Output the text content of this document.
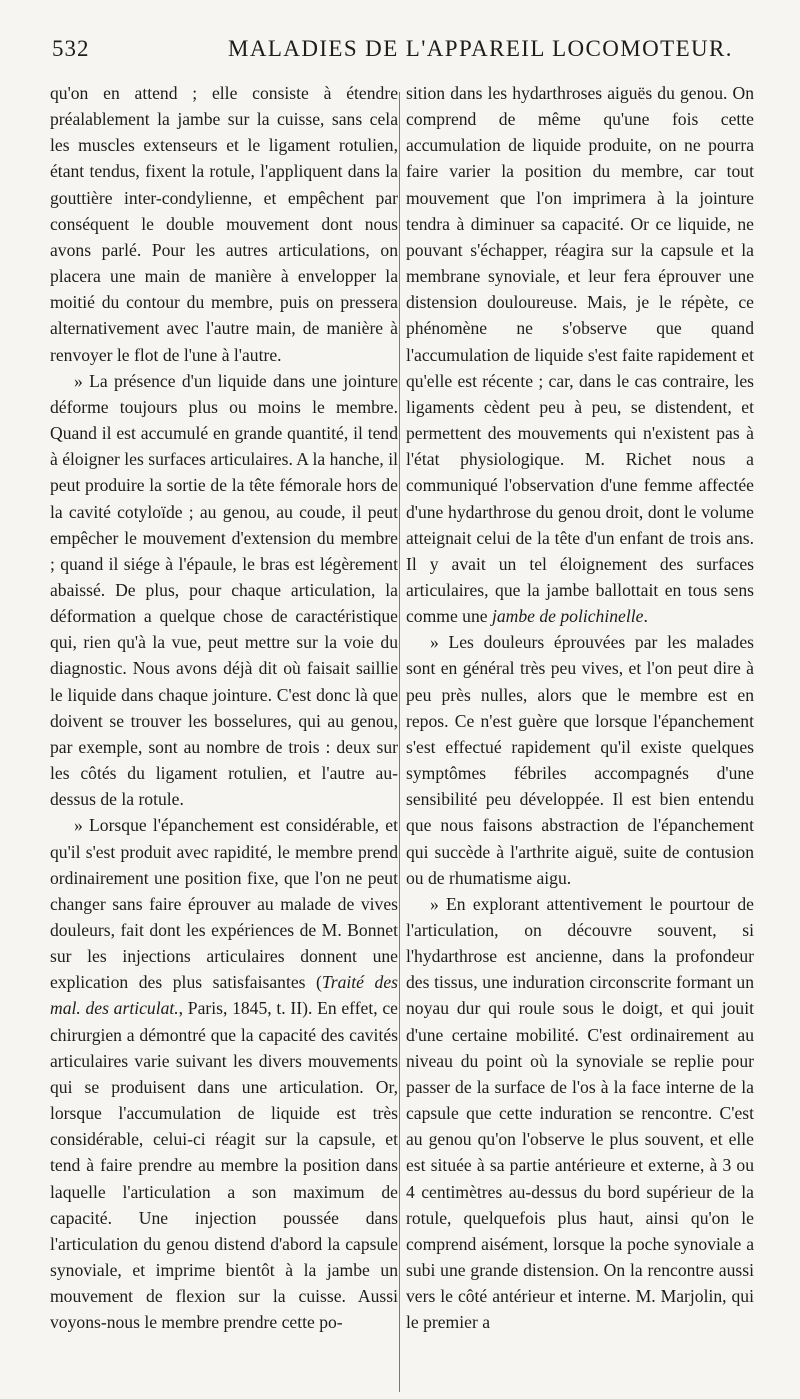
532	MALADIES DE L'APPAREIL LOCOMOTEUR.

qu'on en attend ; elle consiste à étendre préalablement la jambe sur la cuisse, sans cela les muscles extenseurs et le ligament rotulien, étant tendus, fixent la rotule, l'appliquent dans la gouttière inter-condylienne, et empêchent par conséquent le double mouvement dont nous avons parlé. Pour les autres articulations, on placera une main de manière à envelopper la moitié du contour du membre, puis on pressera alternativement avec l'autre main, de manière à renvoyer le flot de l'une à l'autre.

» La présence d'un liquide dans une jointure déforme toujours plus ou moins le membre. Quand il est accumulé en grande quantité, il tend à éloigner les surfaces articulaires. A la hanche, il peut produire la sortie de la tête fémorale hors de la cavité cotyloïde ; au genou, au coude, il peut empêcher le mouvement d'extension du membre ; quand il siége à l'épaule, le bras est légèrement abaissé. De plus, pour chaque articulation, la déformation a quelque chose de caractéristique qui, rien qu'à la vue, peut mettre sur la voie du diagnostic. Nous avons déjà dit où faisait saillie le liquide dans chaque jointure. C'est donc là que doivent se trouver les bosselures, qui au genou, par exemple, sont au nombre de trois : deux sur les côtés du ligament rotulien, et l'autre au-dessus de la rotule.

» Lorsque l'épanchement est considérable, et qu'il s'est produit avec rapidité, le membre prend ordinairement une position fixe, que l'on ne peut changer sans faire éprouver au malade de vives douleurs, fait dont les expériences de M. Bonnet sur les injections articulaires donnent une explication des plus satisfaisantes (Traité des mal. des articulat., Paris, 1845, t. II). En effet, ce chirurgien a démontré que la capacité des cavités articulaires varie suivant les divers mouvements qui se produisent dans une articulation. Or, lorsque l'accumulation de liquide est très considérable, celui-ci réagit sur la capsule, et tend à faire prendre au membre la position dans laquelle l'articulation a son maximum de capacité. Une injection poussée dans l'articulation du genou distend d'abord la capsule synoviale, et imprime bientôt à la jambe un mouvement de flexion sur la cuisse. Aussi voyons-nous le membre prendre cette po-

sition dans les hydarthroses aiguës du genou. On comprend de même qu'une fois cette accumulation de liquide produite, on ne pourra faire varier la position du membre, car tout mouvement que l'on imprimera à la jointure tendra à diminuer sa capacité. Or ce liquide, ne pouvant s'échapper, réagira sur la capsule et la membrane synoviale, et leur fera éprouver une distension douloureuse. Mais, je le répète, ce phénomène ne s'observe que quand l'accumulation de liquide s'est faite rapidement et qu'elle est récente ; car, dans le cas contraire, les ligaments cèdent peu à peu, se distendent, et permettent des mouvements qui n'existent pas à l'état physiologique. M. Richet nous a communiqué l'observation d'une femme affectée d'une hydarthrose du genou droit, dont le volume atteignait celui de la tête d'un enfant de trois ans. Il y avait un tel éloignement des surfaces articulaires, que la jambe ballottait en tous sens comme une jambe de polichinelle.

» Les douleurs éprouvées par les malades sont en général très peu vives, et l'on peut dire à peu près nulles, alors que le membre est en repos. Ce n'est guère que lorsque l'épanchement s'est effectué rapidement qu'il existe quelques symptômes fébriles accompagnés d'une sensibilité peu développée. Il est bien entendu que nous faisons abstraction de l'épanchement qui succède à l'arthrite aiguë, suite de contusion ou de rhumatisme aigu.

» En explorant attentivement le pourtour de l'articulation, on découvre souvent, si l'hydarthrose est ancienne, dans la profondeur des tissus, une induration circonscrite formant un noyau dur qui roule sous le doigt, et qui jouit d'une certaine mobilité. C'est ordinairement au niveau du point où la synoviale se replie pour passer de la surface de l'os à la face interne de la capsule que cette induration se rencontre. C'est au genou qu'on l'observe le plus souvent, et elle est située à sa partie antérieure et externe, à 3 ou 4 centimètres au-dessus du bord supérieur de la rotule, quelquefois plus haut, ainsi qu'on le comprend aisément, lorsque la poche synoviale a subi une grande distension. On la rencontre aussi vers le côté antérieur et interne. M. Marjolin, qui le premier a
